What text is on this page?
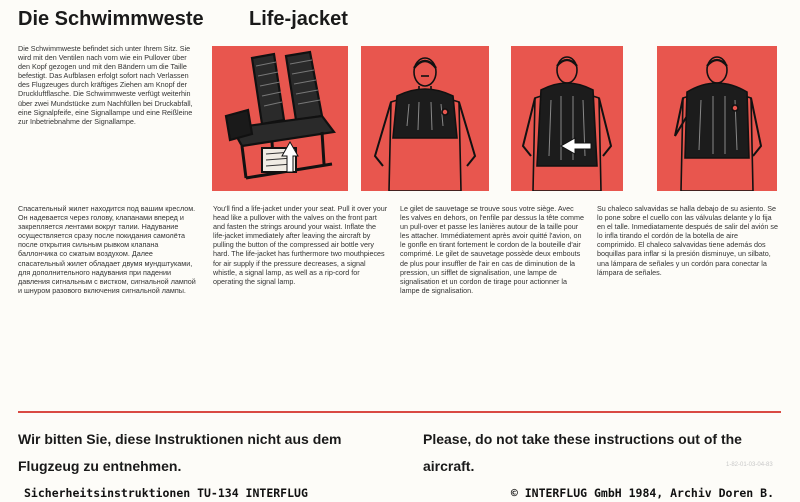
Die Schwimmweste Life-jacket
Die Schwimmweste befindet sich unter Ihrem Sitz. Sie wird mit den Ventilen nach vorn wie ein Pullover über den Kopf gezogen und mit den Bändern um die Taille befestigt. Das Aufblasen erfolgt sofort nach Verlassen des Flugzeuges durch kräftiges Ziehen am Knopf der Druckluftflasche. Die Schwimmweste verfügt weiterhin über zwei Mundstücke zum Nachfüllen bei Druckabfall, eine Signalpfeife, eine Signallampe und eine Reißleine zur Inbetriebnahme der Signallampe.
Спасательный жилет находится под вашим креслом. Он надевается через голову, клапанами вперед и закрепляется лентами вокруг талии. Надувание осуществляется сразу после покидания самолёта после открытия сильным рывком клапана баллончика со сжатым воздухом. Далее спасательный жилет обладает двумя мундштуками, для дополнительного надувания при падении давления сигнальным с вистком, сигнальной лампой и шнуром разового включения сигнальной лампы.
You'll find a life-jacket under your seat. Pull it over your head like a pullover with the valves on the front part and fasten the strings around your waist. Inflate the life-jacket immediately after leaving the aircraft by pulling the button of the compressed air bottle very hard. The life-jacket has furthermore two mouthpieces for air supply if the pressure decreases, a signal whistle, a signal lamp, as well as a rip-cord for operating the signal lamp.
Le gilet de sauvetage se trouve sous votre siège. Avec les valves en dehors, on l'enfile par dessus la tête comme un pull-over et passe les lanières autour de la taille pour les attacher. Immédiatement après avoir quitté l'avion, on le gonfle en tirant fortement le cordon de la bouteille d'air comprimé. Le gilet de sauvetage possède deux embouts de plus pour insuffler de l'air en cas de diminution de la pression, un sifflet de signalisation, une lampe de signalisation et un cordon de tirage pour actionner la lampe de signalisation.
Su chaleco salvavidas se halla debajo de su asiento. Se lo pone sobre el cuello con las válvulas delante y lo fija en el talle. Inmediatamente después de salir del avión se lo infla tirando el cordón de la botella de aire comprimido. El chaleco salvavidas tiene además dos boquillas para inflar si la presión disminuye, un silbato, una lámpara de señales y un cordón para conectar la lámpara de señales.
Wir bitten Sie, diese Instruktionen nicht aus dem Flugzeug zu entnehmen.
Please, do not take these instructions out of the aircraft.	1-82-01-03-04-83
Sicherheitsinstruktionen TU-134 INTERFLUG	© INTERFLUG GmbH 1984, Archiv Doren B.
